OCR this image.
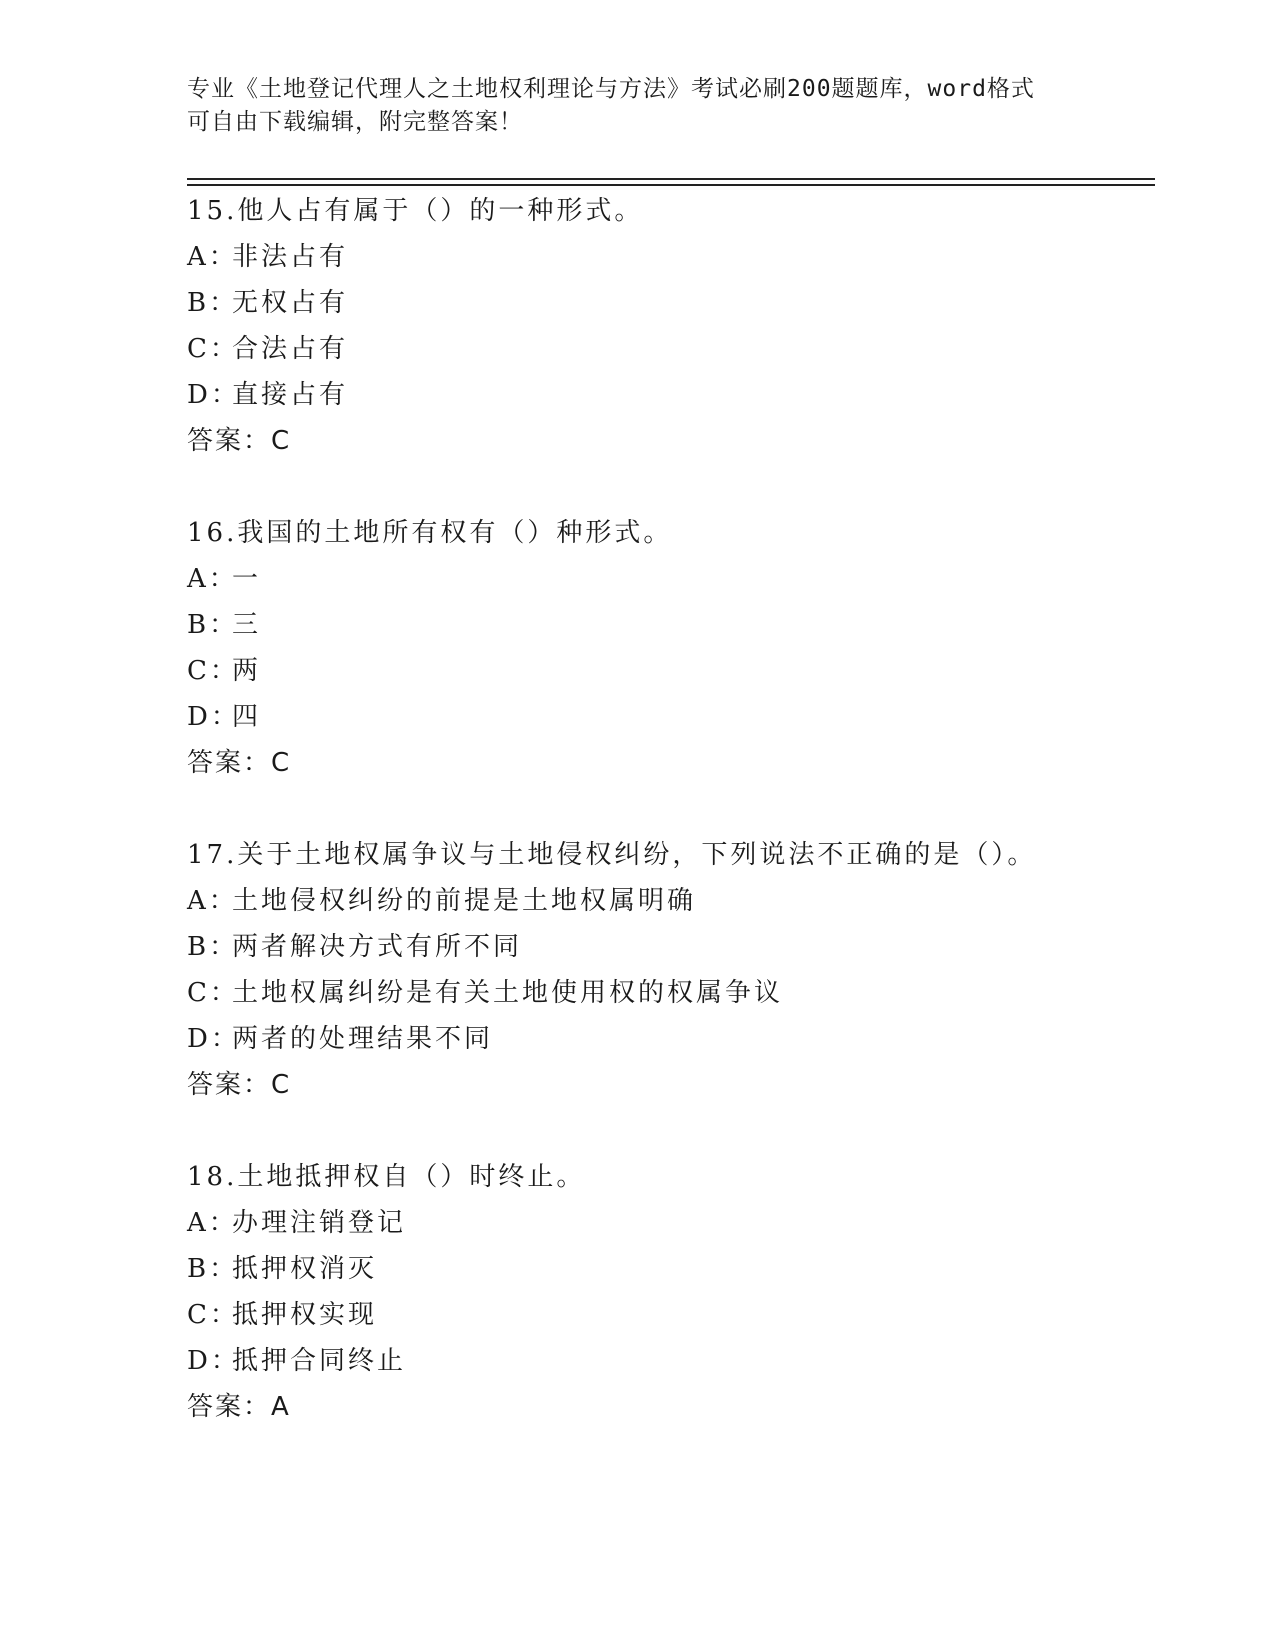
专业《土地登记代理人之土地权利理论与方法》考试必刷200题题库，word格式
可自由下载编辑，附完整答案！
15.他人占有属于（）的一种形式。
A：非法占有
B：无权占有
C：合法占有
D：直接占有
答案：C
16.我国的土地所有权有（）种形式。
A：一
B：三
C：两
D：四
答案：C
17.关于土地权属争议与土地侵权纠纷，下列说法不正确的是（）。
A：土地侵权纠纷的前提是土地权属明确
B：两者解决方式有所不同
C：土地权属纠纷是有关土地使用权的权属争议
D：两者的处理结果不同
答案：C
18.土地抵押权自（）时终止。
A：办理注销登记
B：抵押权消灭
C：抵押权实现
D：抵押合同终止
答案：A
